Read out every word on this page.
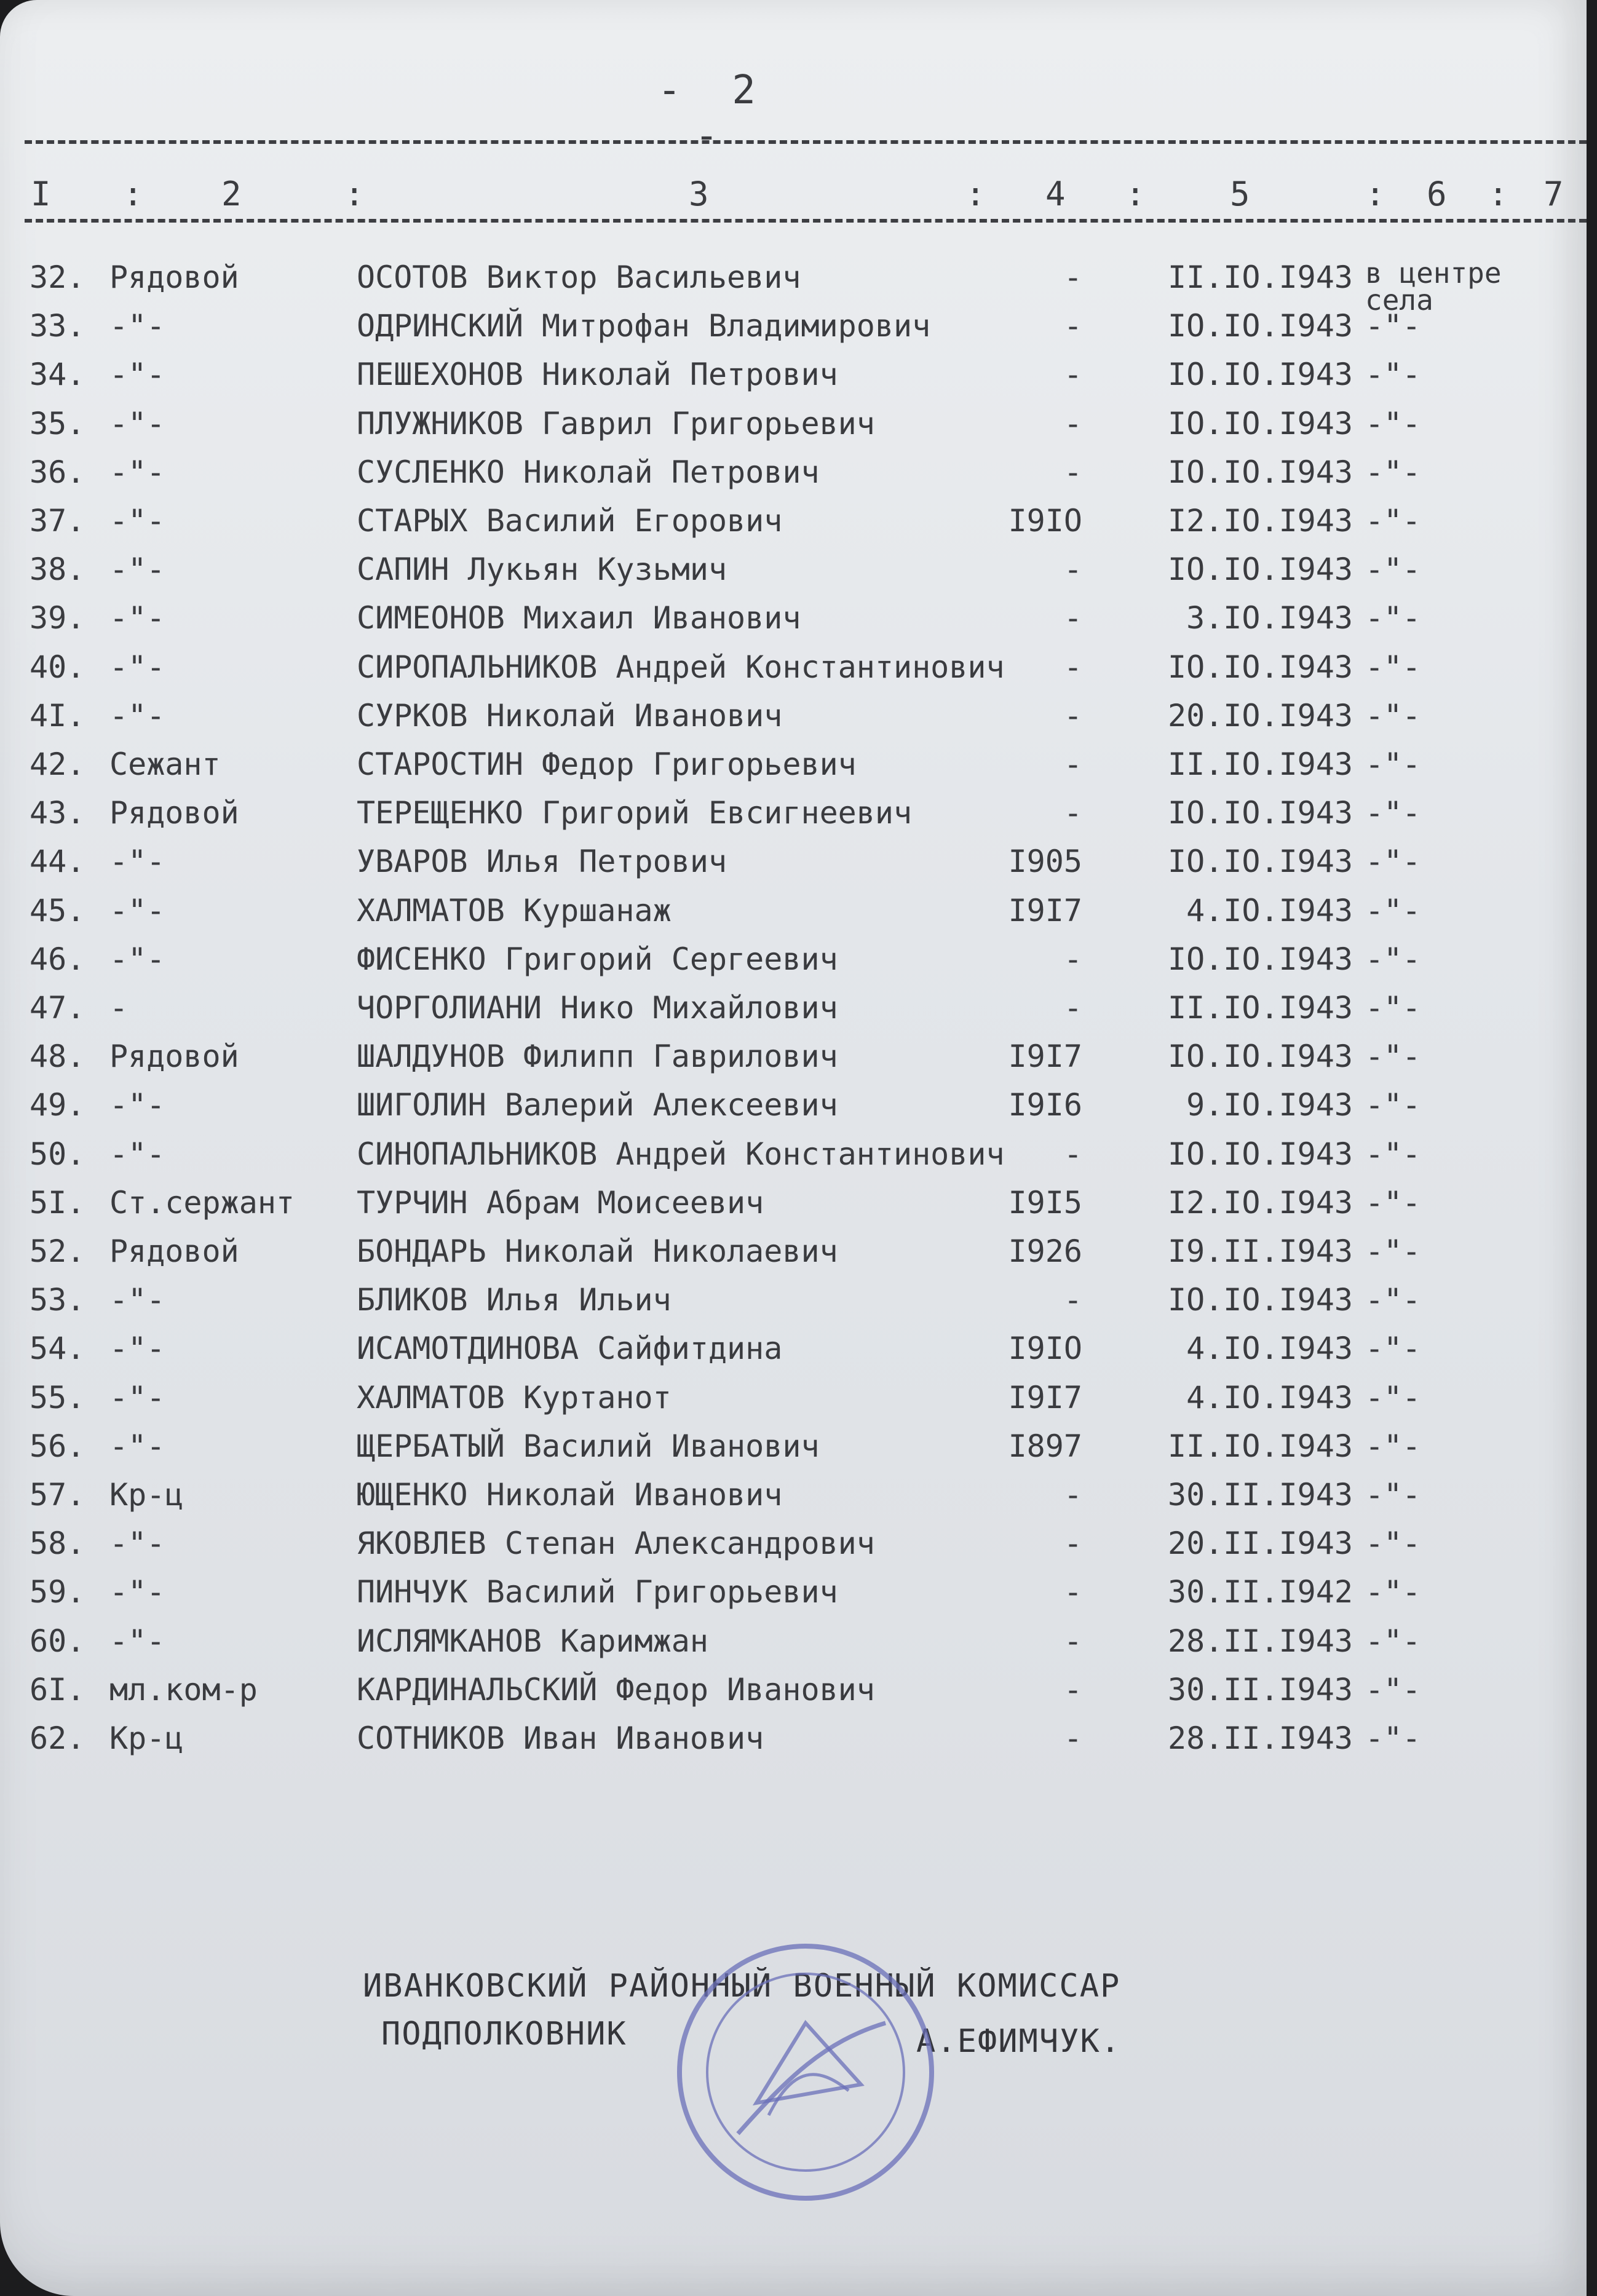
- 2 -
I : 2	:	3	: 4 :	5	: 6 : 7
32. Рядовой	ОСОТОВ Виктор Васильевич	-	II.IO.I943 в центре села
33. -"-	ОДРИНСКИЙ Митрофан Владимирович	-	IO.IO.I943 -"-
34. -"-	ПЕШЕХОНОВ Николай Петрович	-	IO.IO.I943 -"-
35. -"-	ПЛУЖНИКОВ Гаврил Григорьевич	-	IO.IO.I943 -"-
36. -"-	СУСЛЕНКО Николай Петрович	-	IO.IO.I943 -"-
37. -"-	СТАРЫХ Василий Егорович	I9IO	I2.IO.I943 -"-
38. -"-	САПИН Лукьян Кузьмич	-	IO.IO.I943 -"-
39. -"-	СИМЕОНОВ Михаил Иванович	-	3.IO.I943 -"-
40. -"-	СИРОПАЛЬНИКОВ Андрей Константинович	-	IO.IO.I943 -"-
4I. -"-	СУРКОВ Николай Иванович	-	20.IO.I943 -"-
42. Сежант	СТАРОСТИН Федор Григорьевич	-	II.IO.I943 -"-
43. Рядовой	ТЕРЕЩЕНКО Григорий Евсигнеевич	-	IO.IO.I943 -"-
44. -"-	УВАРОВ Илья Петрович	I905	IO.IO.I943 -"-
45. -"-	ХАЛМАТОВ Куршанаж	I9I7	4.IO.I943 -"-
46. -"-	ФИСЕНКО Григорий Сергеевич	-	IO.IO.I943 -"-
47. -	ЧОРГОЛИАНИ Нико Михайлович	-	II.IO.I943 -"-
48. Рядовой	ШАЛДУНОВ Филипп Гаврилович	I9I7	IO.IO.I943 -"-
49. -"-	ШИГОЛИН Валерий Алексеевич	I9I6	9.IO.I943 -"-
50. -"-	СИНОПАЛЬНИКОВ Андрей Константинович	-	IO.IO.I943 -"-
5I. Ст.сержант ТУРЧИН Абрам Моисеевич	I9I5	I2.IO.I943 -"-
52. Рядовой	БОНДАРЬ Николай Николаевич	I926	I9.II.I943 -"-
53. -"-	БЛИКОВ Илья Ильич	-	IO.IO.I943 -"-
54. -"-	ИСАМОТДИНОВА Сайфитдина	I9IO	4.IO.I943 -"-
55. -"-	ХАЛМАТОВ Куртанот	I9I7	4.IO.I943 -"-
56. -"-	ЩЕРБАТЫЙ Василий Иванович	I897	II.IO.I943 -"-
57. Кр-ц	ЮЩЕНКО Николай Иванович	-	30.II.I943 -"-
58. -"-	ЯКОВЛЕВ Степан Александрович	-	20.II.I943 -"-
59. -"-	ПИНЧУК Василий Григорьевич	-	30.II.I942 -"-
60. -"-	ИСЛЯМКАНОВ Каримжан	-	28.II.I943 -"-
6I. мл.ком-р	КАРДИНАЛЬСКИЙ Федор Иванович	-	30.II.I943 -"-
62. Кр-ц	СОТНИКОВ Иван Иванович	-	28.II.I943 -"-
ИВАНКОВСКИЙ РАЙОННЫЙ ВОЕННЫЙ КОМИССАР
ПОДПОЛКОВНИК	А.ЕФИМЧУК.
